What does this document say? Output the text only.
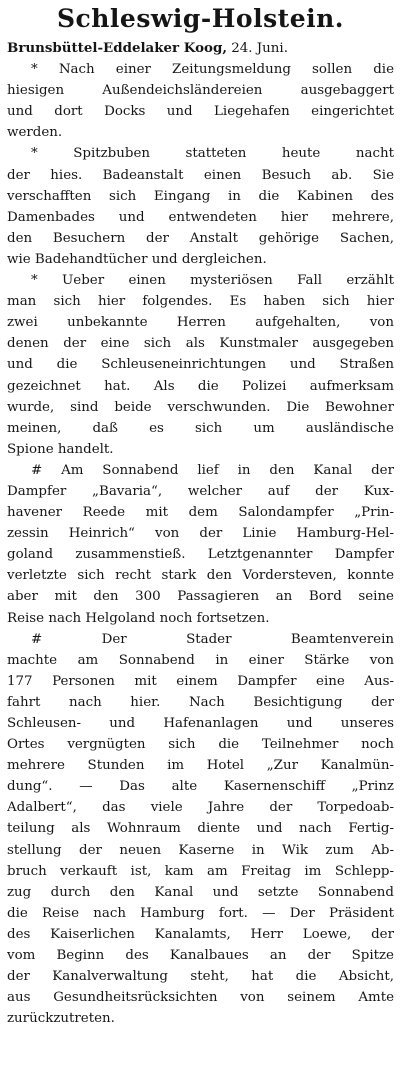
Schleswig-Holstein.
Brunsbüttel-Eddelaker Koog, 24. Juni.
* Nach einer Zeitungsmeldung sollen die
hiesigen Außendeichsländereien ausgebaggert
und dort Docks und Liegehafen eingerichtet
werden.
* Spitzbuben statteten heute nacht
der hies. Badeanstalt einen Besuch ab. Sie
verschafften sich Eingang in die Kabinen des
Damenbades und entwendeten hier mehrere,
den Besuchern der Anstalt gehörige Sachen,
wie Badehandtücher und dergleichen.
* Ueber einen mysteriösen Fall erzählt
man sich hier folgendes. Es haben sich hier
zwei unbekannte Herren aufgehalten, von
denen der eine sich als Kunstmaler ausgegeben
und die Schleuseneinrichtungen und Straßen
gezeichnet hat. Als die Polizei aufmerksam
wurde, sind beide verschwunden. Die Bewohner
meinen, daß es sich um ausländische
Spione handelt.
# Am Sonnabend lief in den Kanal der
Dampfer „Bavaria“, welcher auf der Kux-
havener Reede mit dem Salondampfer „Prin-
zessin Heinrich“ von der Linie Hamburg-Hel-
goland zusammenstieß. Letztgenannter Dampfer
verletzte sich recht stark den Vordersteven, konnte
aber mit den 300 Passagieren an Bord seine
Reise nach Helgoland noch fortsetzen.
# Der Stader Beamtenverein
machte am Sonnabend in einer Stärke von
177 Personen mit einem Dampfer eine Aus-
fahrt nach hier. Nach Besichtigung der
Schleusen- und Hafenanlagen und unseres
Ortes vergnügten sich die Teilnehmer noch
mehrere Stunden im Hotel „Zur Kanalmün-
dung“. — Das alte Kasernenschiff „Prinz
Adalbert“, das viele Jahre der Torpedoab-
teilung als Wohnraum diente und nach Fertig-
stellung der neuen Kaserne in Wik zum Ab-
bruch verkauft ist, kam am Freitag im Schlepp-
zug durch den Kanal und setzte Sonnabend
die Reise nach Hamburg fort. — Der Präsident
des Kaiserlichen Kanalamts, Herr Loewe, der
vom Beginn des Kanalbaues an der Spitze
der Kanalverwaltung steht, hat die Absicht,
aus Gesundheitsrücksichten von seinem Amte
zurückzutreten.
